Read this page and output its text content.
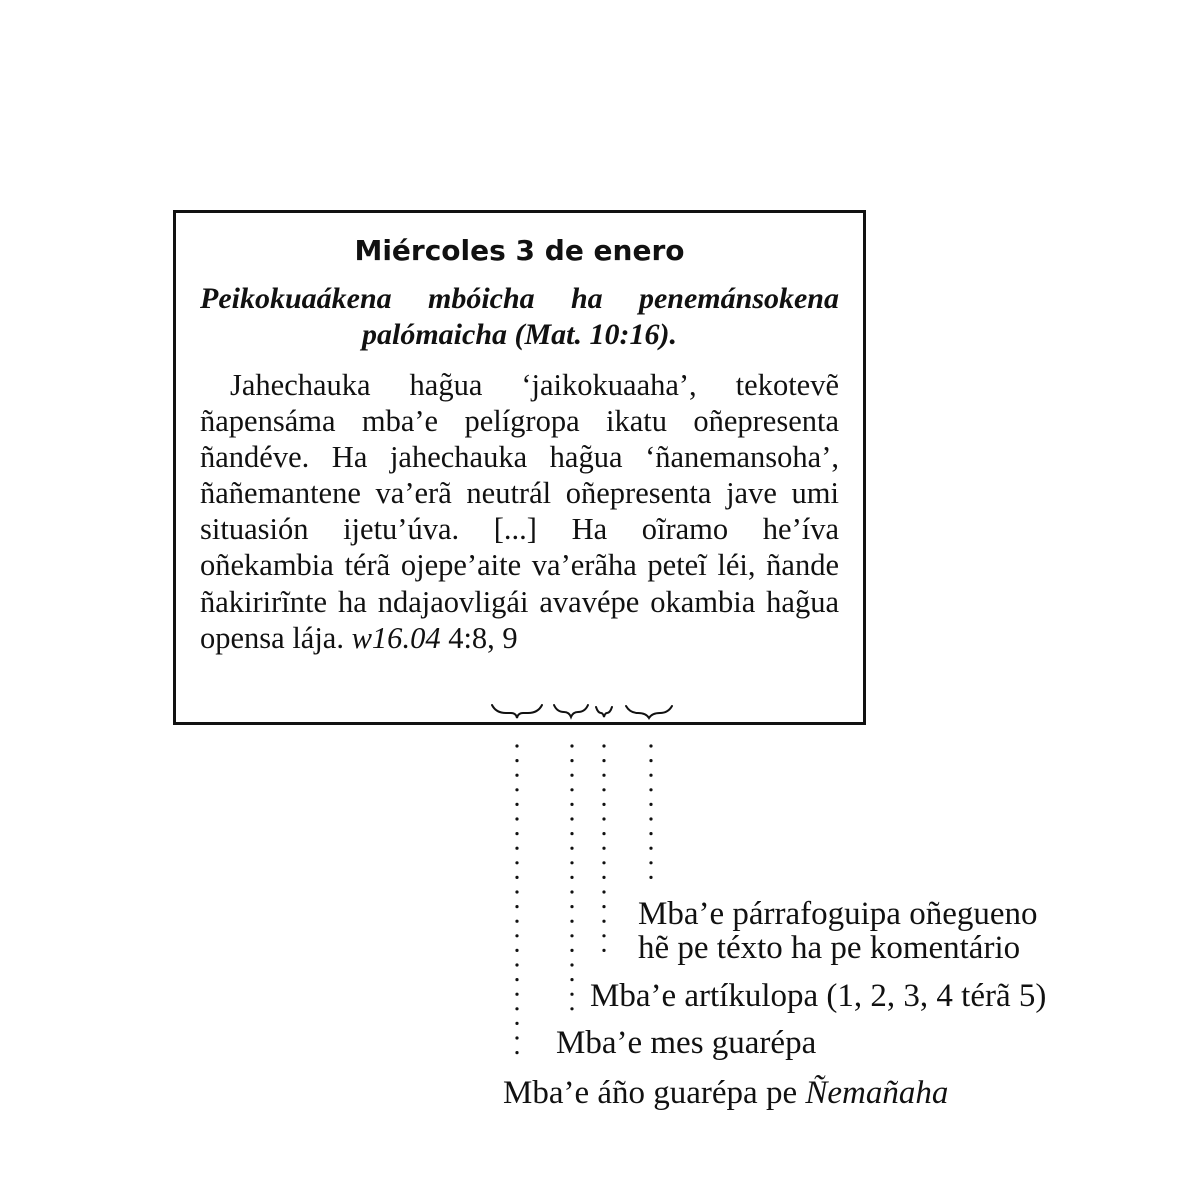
Miércoles 3 de enero

Peikokuaákena mbóicha ha penemánsokena palómaicha (Mat. 10:16).

Jahechauka hag̃ua ‘jaikokuaaha’, tekotevẽ ñapensáma mba’e pelígropa ikatu oñepresenta ñandéve. Ha jahechauka hag̃ua ‘ñanemansoha’, ñañemantene va’erã neutrál oñepresenta jave umi situasión ijetu’úva. [...] Ha oĩramo he’íva oñekambia térã ojepe’aite va’erãha peteĩ léi, ñande ñakirirĩnte ha ndajaovligái avavépe okambia hag̃ua opensa lája. w16.04 4:8, 9

Mba’e párrafoguipa oñegueno
hẽ pe téxto ha pe komentário
Mba’e artíkulopa (1, 2, 3, 4 térã 5)
Mba’e mes guarépa
Mba’e áño guarépa pe Ñemañaha
